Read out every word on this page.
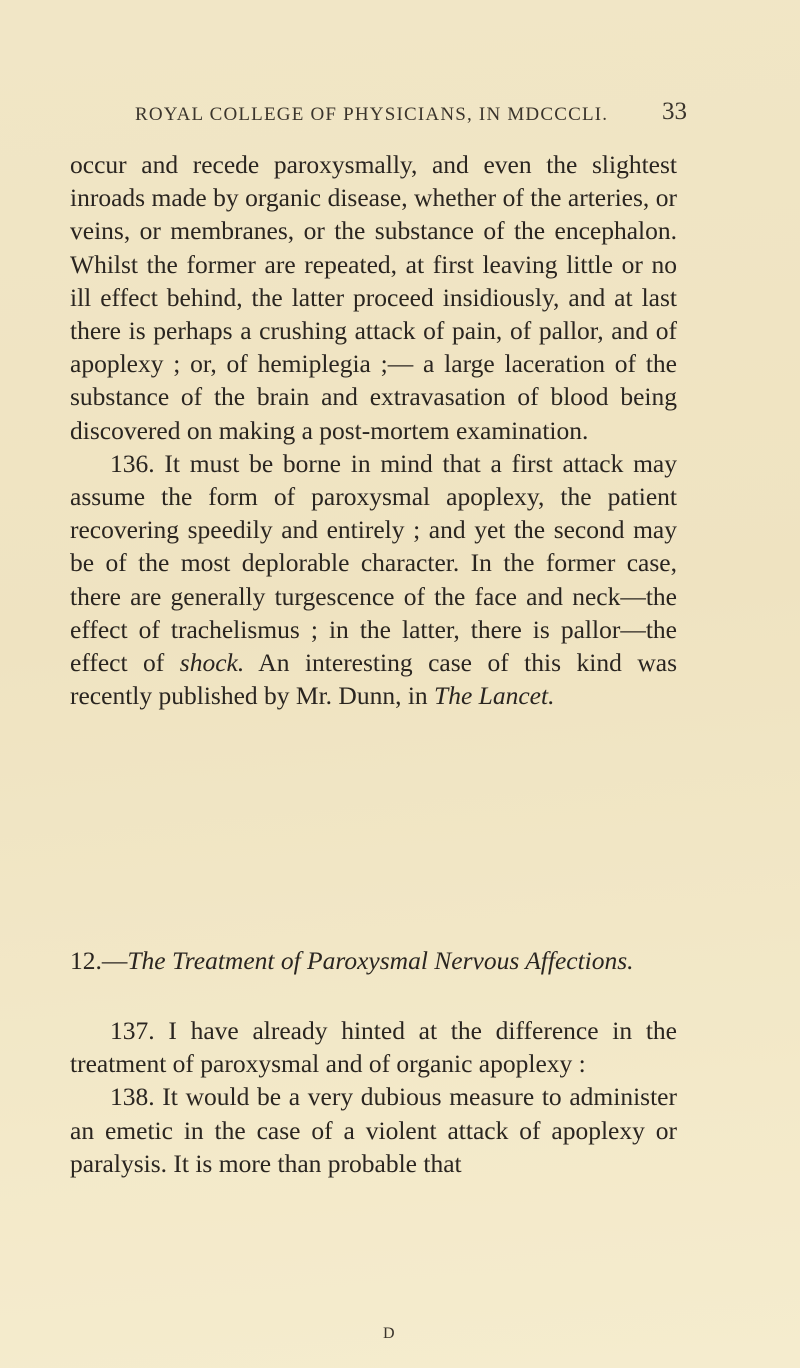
ROYAL COLLEGE OF PHYSICIANS, IN MDCCCLI.	33

occur and recede paroxysmally, and even the slightest inroads made by organic disease, whether of the arteries, or veins, or membranes, or the substance of the encephalon. Whilst the former are repeated, at first leaving little or no ill effect behind, the latter proceed insidiously, and at last there is perhaps a crushing attack of pain, of pallor, and of apoplexy ; or, of hemiplegia ;— a large laceration of the substance of the brain and extravasation of blood being discovered on making a post-mortem examination.

136. It must be borne in mind that a first attack may assume the form of paroxysmal apoplexy, the patient recovering speedily and entirely ; and yet the second may be of the most deplorable character. In the former case, there are generally turgescence of the face and neck—the effect of trachelismus ; in the latter, there is pallor—the effect of shock. An interesting case of this kind was recently published by Mr. Dunn, in The Lancet.

12.—The Treatment of Paroxysmal Nervous Affections.

137. I have already hinted at the difference in the treatment of paroxysmal and of organic apoplexy :

138. It would be a very dubious measure to administer an emetic in the case of a violent attack of apoplexy or paralysis. It is more than probable that

D
